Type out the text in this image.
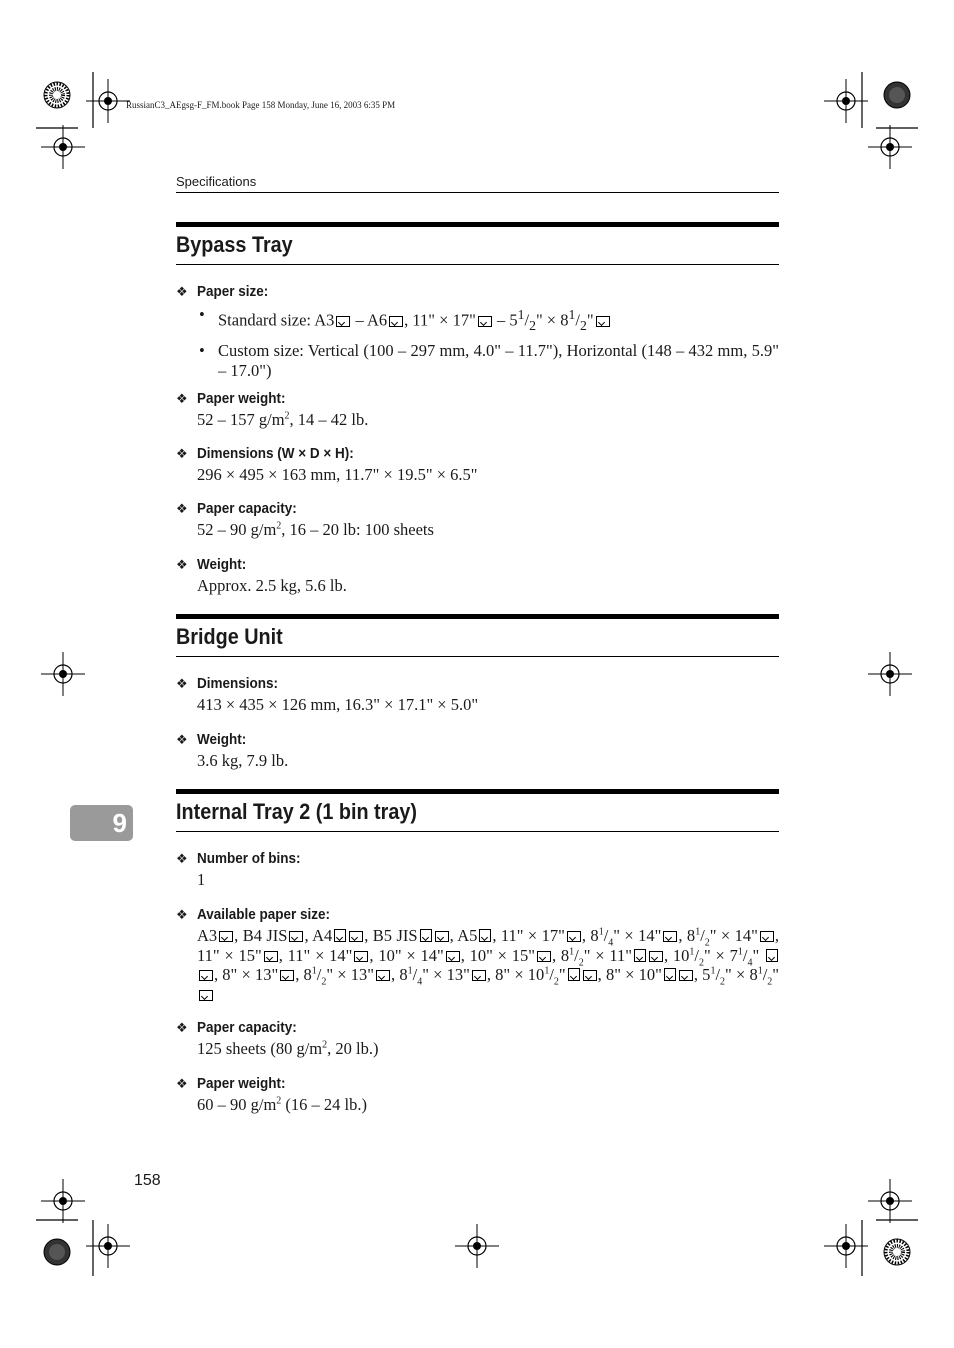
RussianC3_AEgsg-F_FM.book Page 158 Monday, June 16, 2003 6:35 PM
Specifications
Bypass Tray
❖ Paper size:
• Standard size: A3 – A6 , 11" × 17" – $5^1/_2$" × $8^1/_2$"
• Custom size: Vertical (100 – 297 mm, 4.0" – 11.7"), Horizontal (148 – 432 mm, 5.9" – 17.0")
❖ Paper weight:
52 – 157 $g/m^2$, 14 – 42 lb.
❖ Dimensions (W × D × H):
296 × 495 × 163 mm, 11.7" × 19.5" × 6.5"
❖ Paper capacity:
52 – 90 $g/m^2$, 16 – 20 lb: 100 sheets
❖ Weight:
Approx. 2.5 kg, 5.6 lb.
Bridge Unit
❖ Dimensions:
413 × 435 × 126 mm, 16.3" × 17.1" × 5.0"
❖ Weight:
3.6 kg, 7.9 lb.
9 Internal Tray 2 (1 bin tray)
❖ Number of bins:
1
❖ Available paper size:
A3 , B4 JIS , A4 , B5 JIS , A5 , 11" × 17" , $8^1/_4$" × 14" , $8^1/_2$" × 14" , 11" × 15" , 11" × 14" , 10" × 14" , 10" × 15" , $8^1/_2$" × 11" , $10^1/_2$" × $7^1/_4$" , 8" × 13" , $8^1/_2$" × 13" , $8^1/_4$" × 13" , 8" × $10^1/_2$" , 8" × 10" , $5^1/_2$" × $8^1/_2$"
❖ Paper capacity:
125 sheets (80 $g/m^2$, 20 lb.)
❖ Paper weight:
60 – 90 $g/m^2$ (16 – 24 lb.)
158
